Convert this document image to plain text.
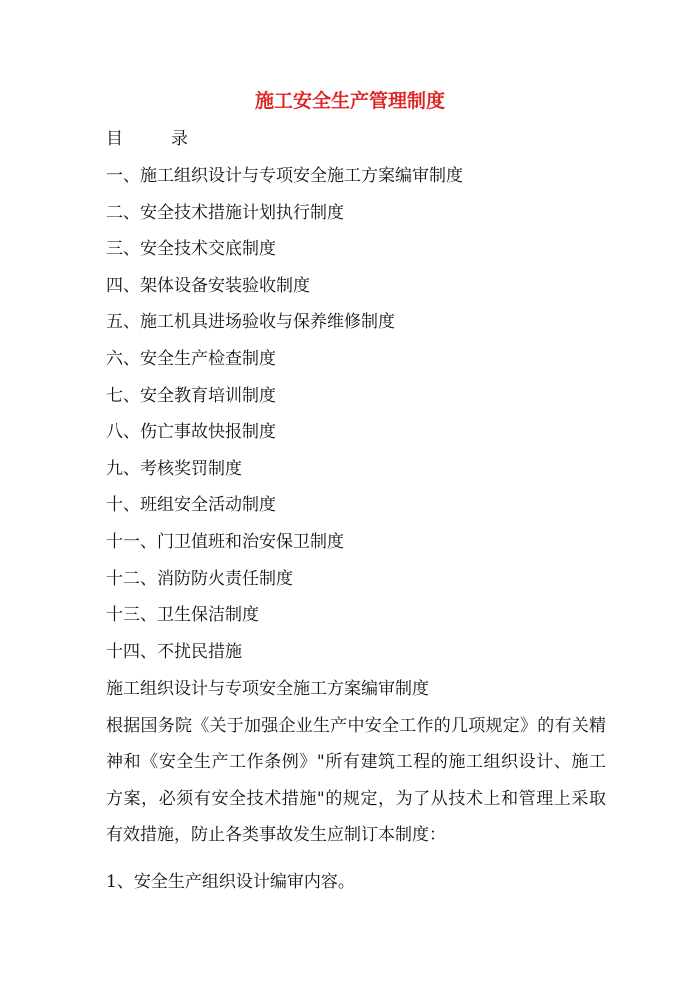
施工安全生产管理制度
目	录
一、施工组织设计与专项安全施工方案编审制度
二、安全技术措施计划执行制度
三、安全技术交底制度
四、架体设备安装验收制度
五、施工机具进场验收与保养维修制度
六、安全生产检查制度
七、安全教育培训制度
八、伤亡事故快报制度
九、考核奖罚制度
十、班组安全活动制度
十一、门卫值班和治安保卫制度
十二、消防防火责任制度
十三、卫生保洁制度
十四、不扰民措施
施工组织设计与专项安全施工方案编审制度

根据国务院《关于加强企业生产中安全工作的几项规定》的有关精神和《安全生产工作条例》"所有建筑工程的施工组织设计、施工方案，必须有安全技术措施"的规定，为了从技术上和管理上采取有效措施，防止各类事故发生应制订本制度：

1、安全生产组织设计编审内容。
